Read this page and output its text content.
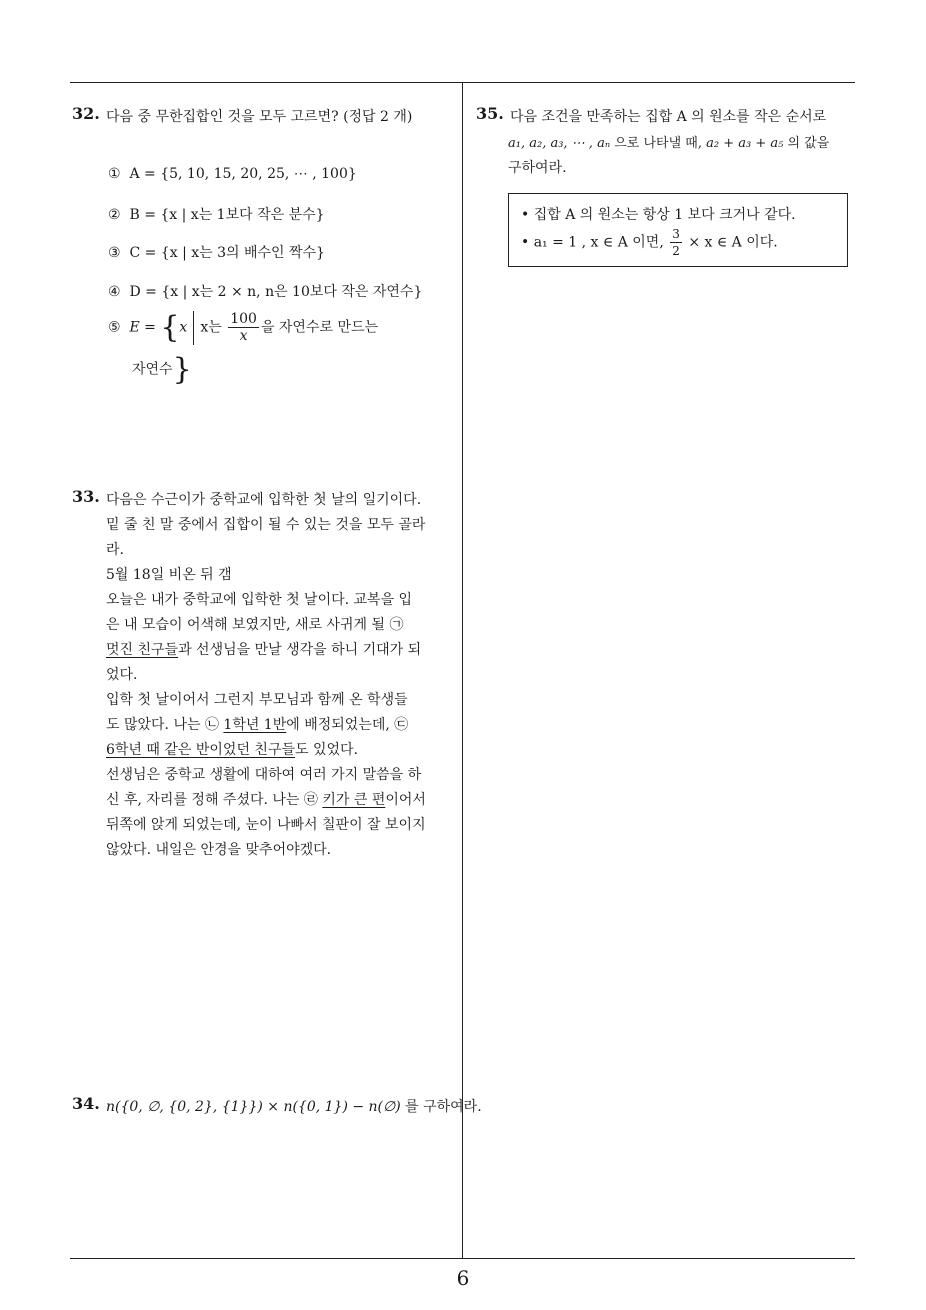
32. 다음 중 무한집합인 것을 모두 고르면? (정답 2 개)
① A = {5, 10, 15, 20, 25, ⋯ , 100}
② B = {x | x는 1보다 작은 분수}
③ C = {x | x는 3의 배수인 짝수}
④ D = {x | x는 2 × n, n은 10보다 작은 자연수}
⑤ E = {x x는 $\frac{100}{x}$ 을 자연수로 만드는
자연수}
33. 다음은 수근이가 중학교에 입학한 첫 날의 일기이다.
밑 줄 친 말 중에서 집합이 될 수 있는 것을 모두 골라
라.
5월 18일 비온 뒤 갬
오늘은 내가 중학교에 입학한 첫 날이다. 교복을 입
은 내 모습이 어색해 보였지만, 새로 사귀게 될 ㉠
멋진 친구들과 선생님을 만날 생각을 하니 기대가 되
었다.
입학 첫 날이어서 그런지 부모님과 함께 온 학생들
도 많았다. 나는 ㉡ 1학년 1반에 배정되었는데, ㉢
6학년 때 같은 반이었던 친구들도 있었다.
선생님은 중학교 생활에 대하여 여러 가지 말씀을 하
신 후, 자리를 정해 주셨다. 나는 ㉣ 키가 큰 편이어서
뒤쪽에 앉게 되었는데, 눈이 나빠서 칠판이 잘 보이지
않았다. 내일은 안경을 맞추어야겠다.
34. n({0, ∅, {0, 2}, {1}}) × n({0, 1}) − n(∅) 를 구하여라.
35. 다음 조건을 만족하는 집합 A 의 원소를 작은 순서로
a₁, a₂, a₃, ⋯ , aₙ 으로 나타낼 때, a₂ + a₃ + a₅ 의 값을
구하여라.
• 집합 A 의 원소는 항상 1 보다 크거나 같다.
• a₁ = 1 , x ∈ A 이면, $\frac{3}{2} \times x$ ∈ A 이다.
6
